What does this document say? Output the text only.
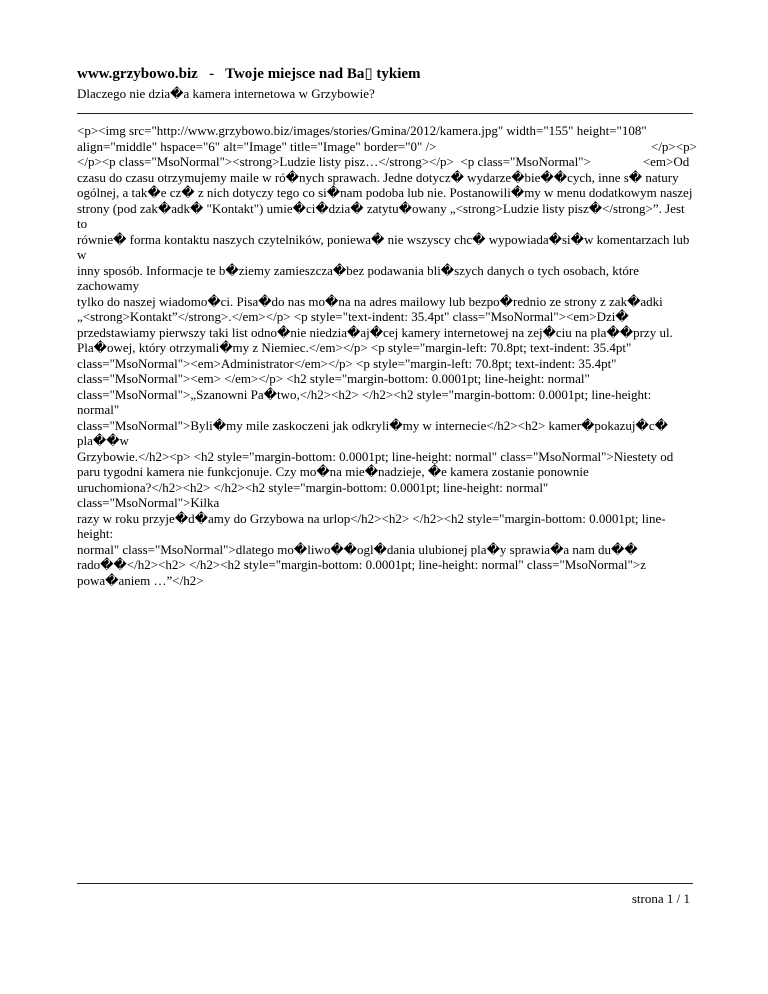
www.grzybowo.biz - Twoje miejsce nad Ba▯ tykiem
Dlaczego nie dzia�a kamera internetowa w Grzybowie?

<p><img src="http://www.grzybowo.biz/images/stories/Gmina/2012/kamera.jpg" width="155" height="108"

align="middle" hspace="6" alt="Image" title="Image" border="0" />                                                                  </p><p>

</p><p class="MsoNormal"><strong>Ludzie listy pisz…</strong></p>  <p class="MsoNormal">                <em>Od

czasu do czasu otrzymujemy maile w ró�nych sprawach. Jedne dotycz� wydarze�bie��cych, inne s� natury

ogólnej, a tak�e cz� z nich dotyczy tego co si�nam podoba lub nie. Postanowili�my w menu dodatkowym naszej

strony (pod zak�adk� "Kontakt") umie�ci�dzia� zatytu�owany „<strong>Ludzie listy pisz�</strong>”. Jest to

równie� forma kontaktu naszych czytelników, poniewa� nie wszyscy chc� wypowiada�si�w komentarzach lub w

inny sposób. Informacje te b�ziemy zamieszcza�bez podawania bli�szych danych o tych osobach, które zachowamy

tylko do naszej wiadomo�ci. Pisa�do nas mo�na na adres mailowy lub bezpo�rednio ze strony z zak�adki

„<strong>Kontakt”</strong>.</em></p> <p style="text-indent: 35.4pt" class="MsoNormal"><em>Dzi�

przedstawiamy pierwszy taki list odno�nie niedzia�aj�cej kamery internetowej na zej�ciu na pla��przy ul.

Pla�owej, który otrzymali�my z Niemiec.</em></p> <p style="margin-left: 70.8pt; text-indent: 35.4pt"

class="MsoNormal"><em>Administrator</em></p> <p style="margin-left: 70.8pt; text-indent: 35.4pt"

class="MsoNormal"><em> </em></p> <h2 style="margin-bottom: 0.0001pt; line-height: normal"

class="MsoNormal">„Szanowni Pa�two,</h2><h2> </h2><h2 style="margin-bottom: 0.0001pt; line-height: normal"

class="MsoNormal">Byli�my mile zaskoczeni jak odkryli�my w internecie</h2><h2> kamer�pokazuj�c� pla��w

Grzybowie.</h2><p> <h2 style="margin-bottom: 0.0001pt; line-height: normal" class="MsoNormal">Niestety od

paru tygodni kamera nie funkcjonuje. Czy mo�na mie�nadzieje, �e kamera zostanie ponownie

uruchomiona?</h2><h2> </h2><h2 style="margin-bottom: 0.0001pt; line-height: normal" class="MsoNormal">Kilka

razy w roku przyje�d�amy do Grzybowa na urlop</h2><h2> </h2><h2 style="margin-bottom: 0.0001pt; line-height:

normal" class="MsoNormal">dlatego mo�liwo��ogl�dania ulubionej pla�y sprawia�a nam du��

rado��</h2><h2> </h2><h2 style="margin-bottom: 0.0001pt; line-height: normal" class="MsoNormal">z

powa�aniem …”</h2>

strona 1 / 1
